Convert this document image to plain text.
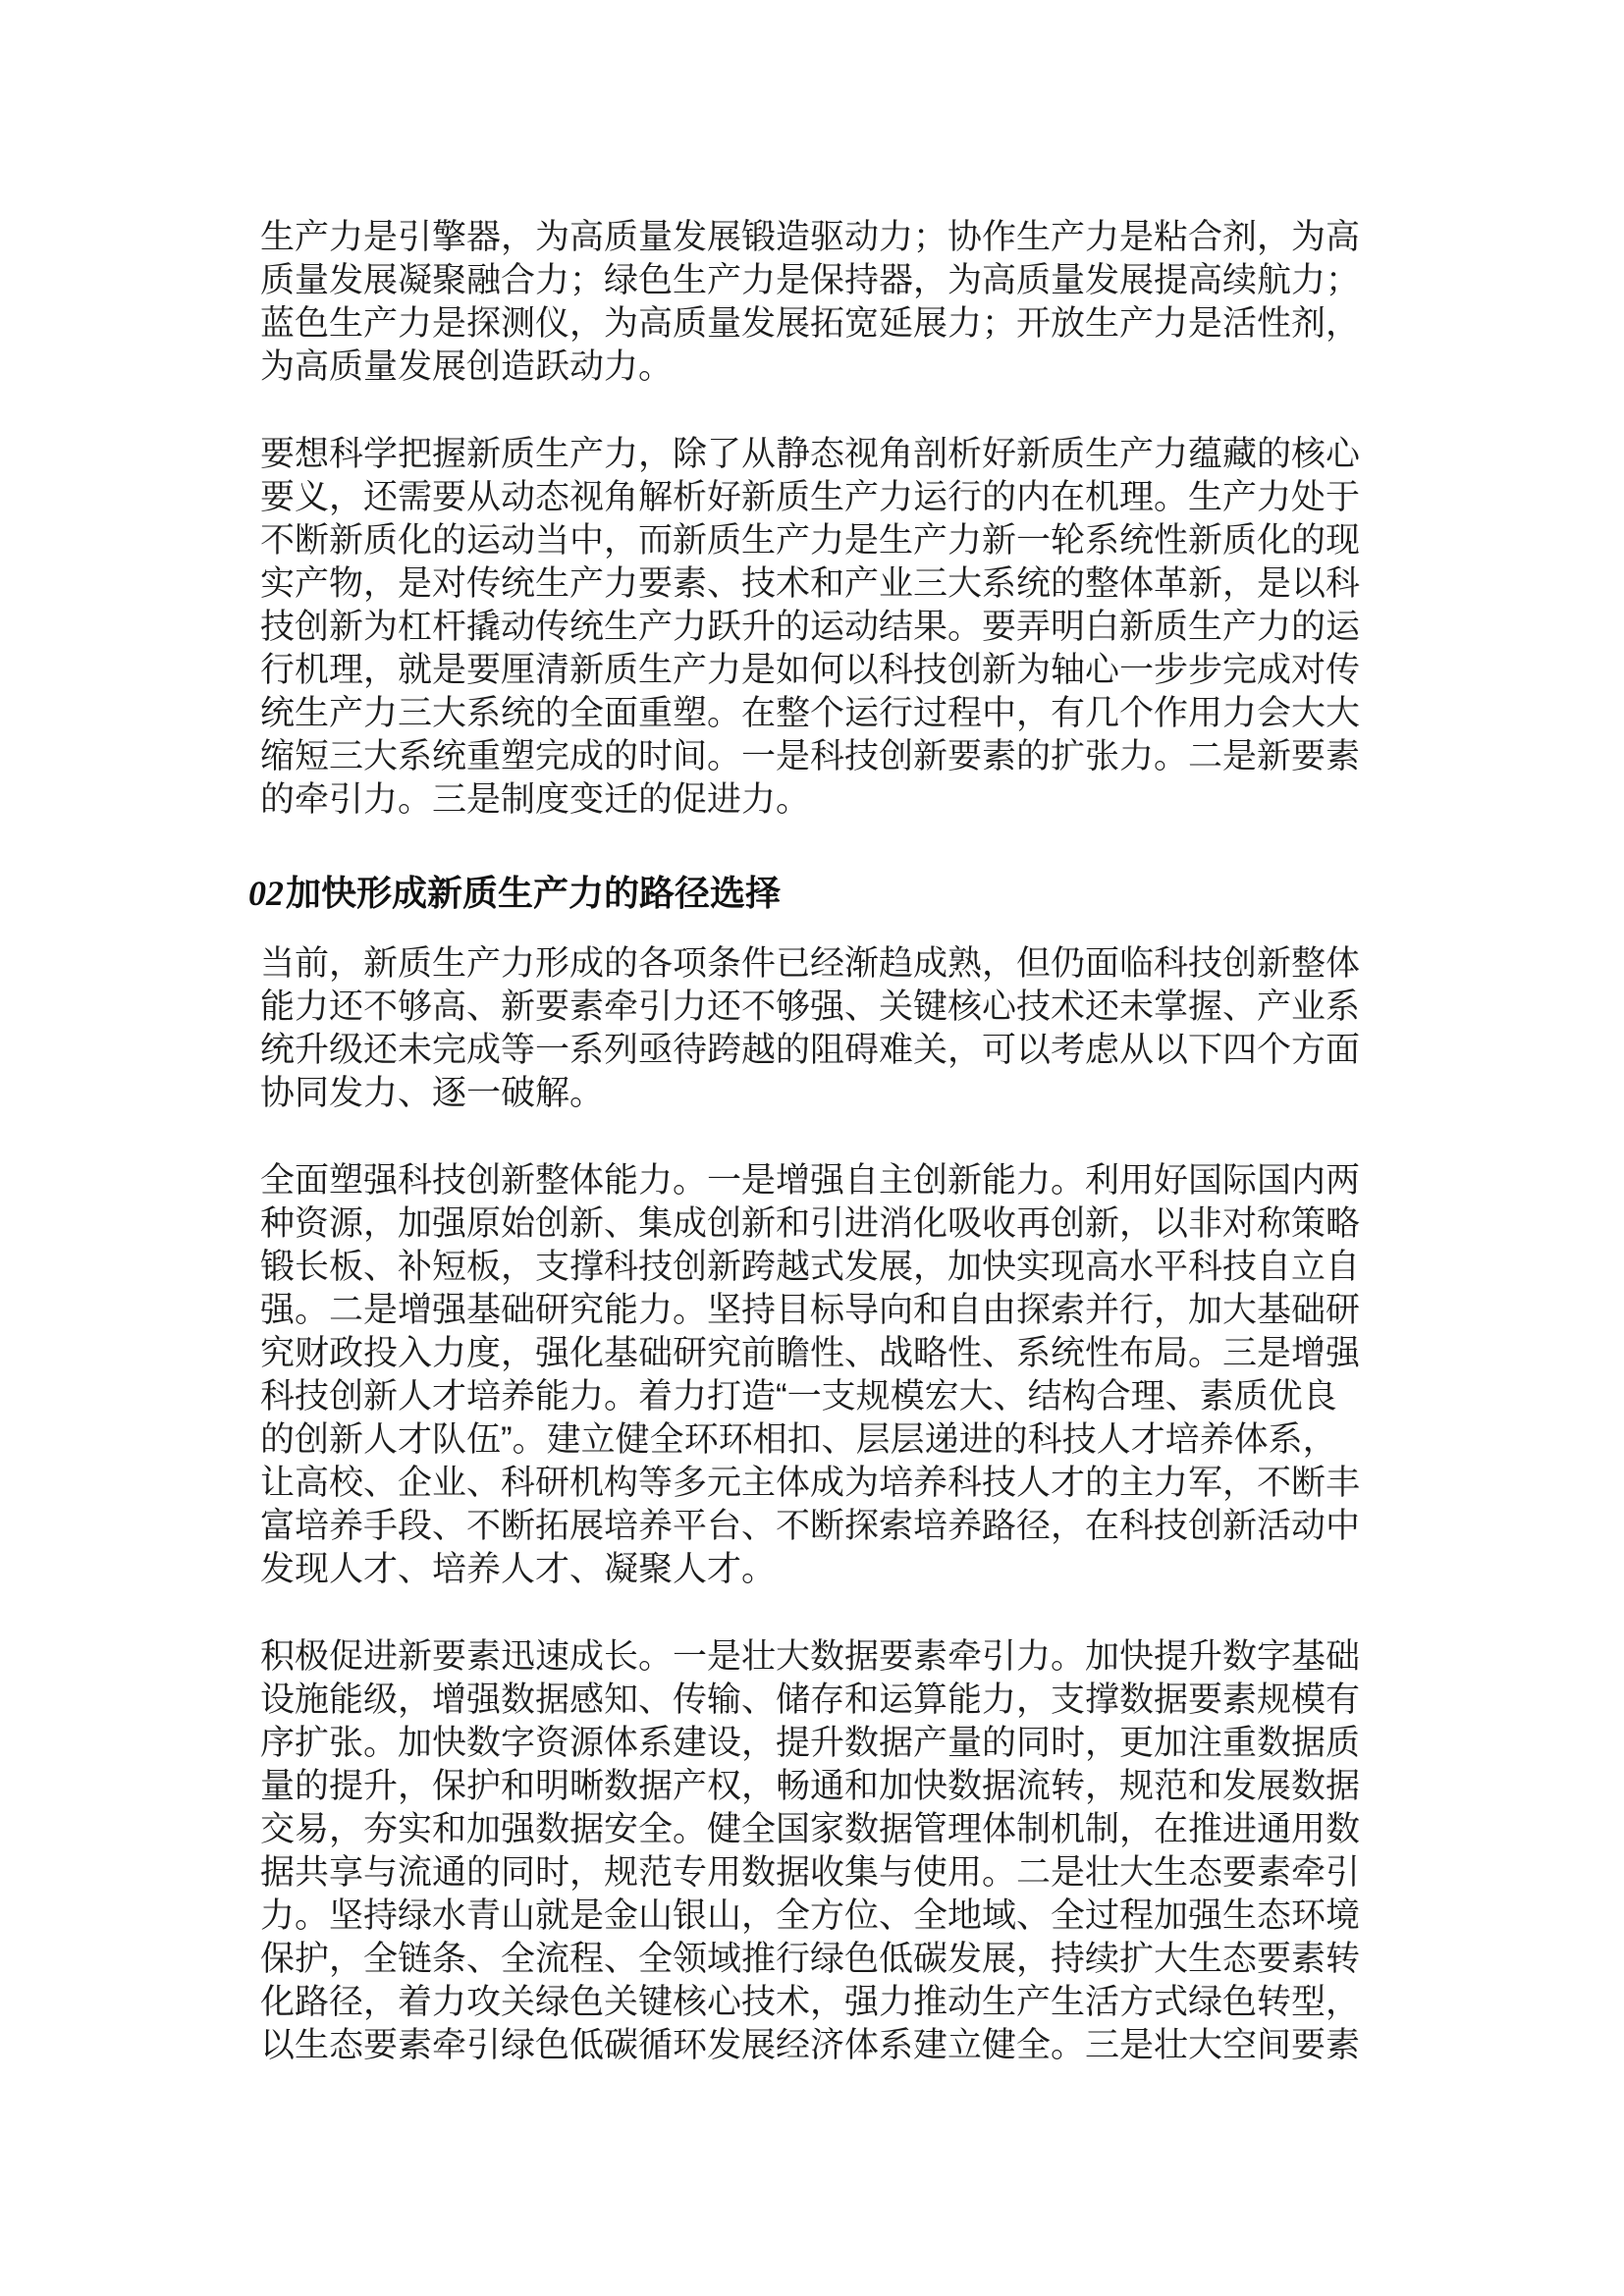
生产力是引擎器，为高质量发展锻造驱动力；协作生产力是粘合剂，为高质量发展凝聚融合力；绿色生产力是保持器，为高质量发展提高续航力；蓝色生产力是探测仪，为高质量发展拓宽延展力；开放生产力是活性剂，为高质量发展创造跃动力。

要想科学把握新质生产力，除了从静态视角剖析好新质生产力蕴藏的核心要义，还需要从动态视角解析好新质生产力运行的内在机理。生产力处于不断新质化的运动当中，而新质生产力是生产力新一轮系统性新质化的现实产物，是对传统生产力要素、技术和产业三大系统的整体革新，是以科技创新为杠杆撬动传统生产力跃升的运动结果。要弄明白新质生产力的运行机理，就是要厘清新质生产力是如何以科技创新为轴心一步步完成对传统生产力三大系统的全面重塑。在整个运行过程中，有几个作用力会大大缩短三大系统重塑完成的时间。一是科技创新要素的扩张力。二是新要素的牵引力。三是制度变迁的促进力。

02加快形成新质生产力的路径选择

当前，新质生产力形成的各项条件已经渐趋成熟，但仍面临科技创新整体能力还不够高、新要素牵引力还不够强、关键核心技术还未掌握、产业系统升级还未完成等一系列亟待跨越的阻碍难关，可以考虑从以下四个方面协同发力、逐一破解。

全面塑强科技创新整体能力。一是增强自主创新能力。利用好国际国内两种资源，加强原始创新、集成创新和引进消化吸收再创新，以非对称策略锻长板、补短板，支撑科技创新跨越式发展，加快实现高水平科技自立自强。二是增强基础研究能力。坚持目标导向和自由探索并行，加大基础研究财政投入力度，强化基础研究前瞻性、战略性、系统性布局。三是增强科技创新人才培养能力。着力打造“一支规模宏大、结构合理、素质优良的创新人才队伍”。建立健全环环相扣、层层递进的科技人才培养体系，让高校、企业、科研机构等多元主体成为培养科技人才的主力军，不断丰富培养手段、不断拓展培养平台、不断探索培养路径，在科技创新活动中发现人才、培养人才、凝聚人才。

积极促进新要素迅速成长。一是壮大数据要素牵引力。加快提升数字基础设施能级，增强数据感知、传输、储存和运算能力，支撑数据要素规模有序扩张。加快数字资源体系建设，提升数据产量的同时，更加注重数据质量的提升，保护和明晰数据产权，畅通和加快数据流转，规范和发展数据交易，夯实和加强数据安全。健全国家数据管理体制机制，在推进通用数据共享与流通的同时，规范专用数据收集与使用。二是壮大生态要素牵引力。坚持绿水青山就是金山银山，全方位、全地域、全过程加强生态环境保护，全链条、全流程、全领域推行绿色低碳发展，持续扩大生态要素转化路径，着力攻关绿色关键核心技术，强力推动生产生活方式绿色转型，以生态要素牵引绿色低碳循环发展经济体系建立健全。三是壮大空间要素
